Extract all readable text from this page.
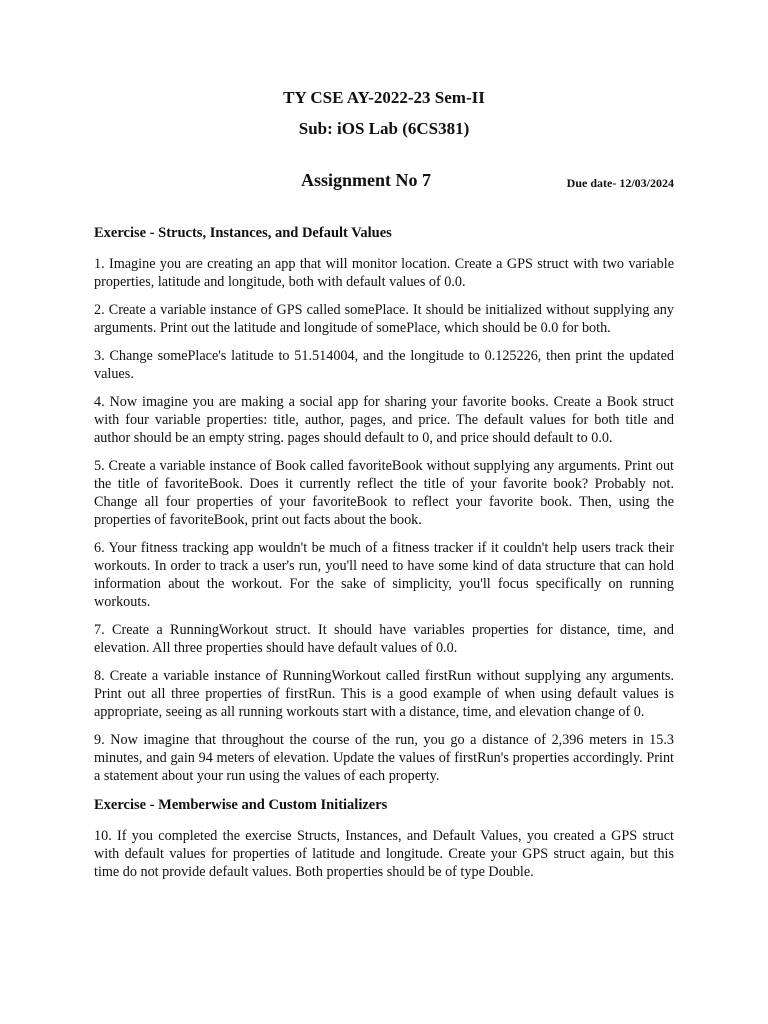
TY CSE AY-2022-23 Sem-II
Sub: iOS Lab (6CS381)
Assignment No 7	Due date- 12/03/2024
Exercise - Structs, Instances, and Default Values

1. Imagine you are creating an app that will monitor location. Create a GPS struct with two variable properties, latitude and longitude, both with default values of 0.0.

2. Create a variable instance of GPS called somePlace. It should be initialized without supplying any arguments. Print out the latitude and longitude of somePlace, which should be 0.0 for both.

3. Change somePlace's latitude to 51.514004, and the longitude to 0.125226, then print the updated values.

4. Now imagine you are making a social app for sharing your favorite books. Create a Book struct with four variable properties: title, author, pages, and price. The default values for both title and author should be an empty string. pages should default to 0, and price should default to 0.0.

5. Create a variable instance of Book called favoriteBook without supplying any arguments. Print out the title of favoriteBook. Does it currently reflect the title of your favorite book? Probably not. Change all four properties of your favoriteBook to reflect your favorite book. Then, using the properties of favoriteBook, print out facts about the book.

6. Your fitness tracking app wouldn't be much of a fitness tracker if it couldn't help users track their workouts. In order to track a user's run, you'll need to have some kind of data structure that can hold information about the workout. For the sake of simplicity, you'll focus specifically on running workouts.

7. Create a RunningWorkout struct. It should have variables properties for distance, time, and elevation. All three properties should have default values of 0.0.

8. Create a variable instance of RunningWorkout called firstRun without supplying any arguments. Print out all three properties of firstRun. This is a good example of when using default values is appropriate, seeing as all running workouts start with a distance, time, and elevation change of 0.

9. Now imagine that throughout the course of the run, you go a distance of 2,396 meters in 15.3 minutes, and gain 94 meters of elevation. Update the values of firstRun's properties accordingly. Print a statement about your run using the values of each property.

Exercise - Memberwise and Custom Initializers

10. If you completed the exercise Structs, Instances, and Default Values, you created a GPS struct with default values for properties of latitude and longitude. Create your GPS struct again, but this time do not provide default values. Both properties should be of type Double.
